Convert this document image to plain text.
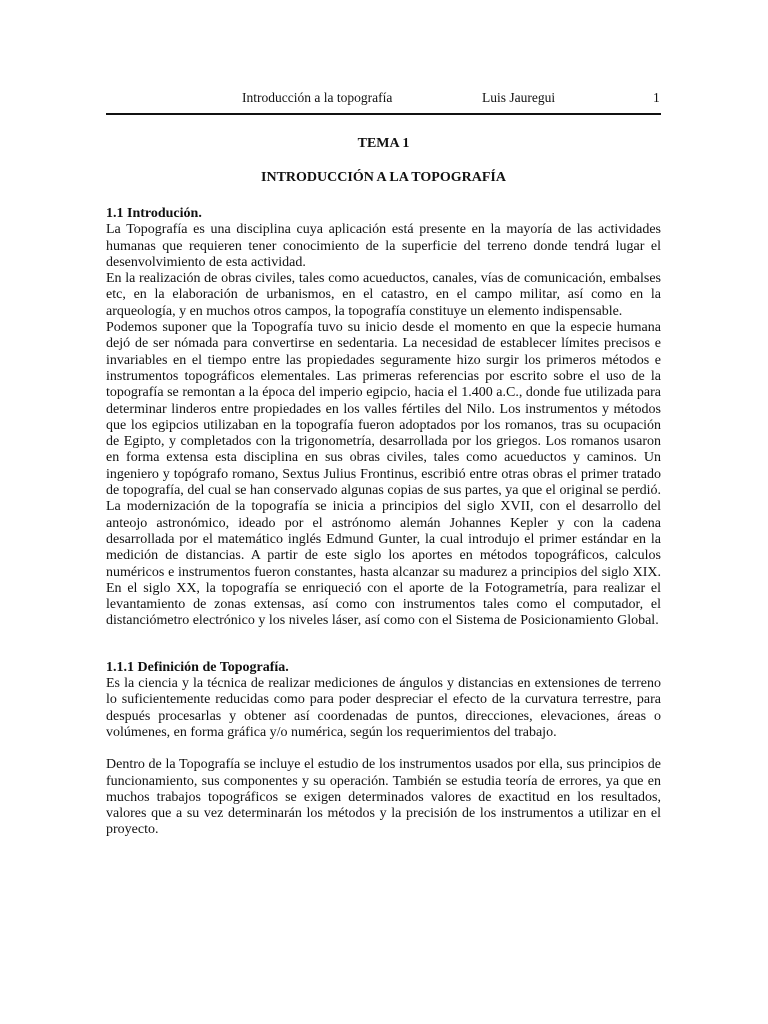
Introducción a la topografía	Luis Jauregui	1
TEMA 1
INTRODUCCIÓN A LA TOPOGRAFÍA
1.1 Introdución.

La Topografía es una disciplina cuya aplicación está presente en la mayoría de las actividades humanas que requieren tener conocimiento de la superficie del terreno donde tendrá lugar el desenvolvimiento de esta actividad.

En la realización de obras civiles, tales como acueductos, canales, vías de comunicación, embalses etc, en la elaboración de urbanismos, en el catastro, en el campo militar, así como en la arqueología, y en muchos otros campos, la topografía constituye un elemento indispensable.

Podemos suponer que la Topografía tuvo su inicio desde el momento en que la especie humana dejó de ser nómada para convertirse en sedentaria. La necesidad de establecer límites precisos e invariables en el tiempo entre las propiedades seguramente hizo surgir los primeros métodos e instrumentos topográficos elementales. Las primeras referencias por escrito sobre el uso de la topografía se remontan a la época del imperio egipcio, hacia el 1.400 a.C., donde fue utilizada para determinar linderos entre propiedades en los valles fértiles del Nilo. Los instrumentos y métodos que los egipcios utilizaban en la topografía fueron adoptados por los romanos, tras su ocupación de Egipto, y completados con la trigonometría, desarrollada por los griegos. Los romanos usaron en forma extensa esta disciplina en sus obras civiles, tales como acueductos y caminos. Un ingeniero y topógrafo romano, Sextus Julius Frontinus, escribió entre otras obras el primer tratado de topografía, del cual se han conservado algunas copias de sus partes, ya que el original se perdió. La modernización de la topografía se inicia a principios del siglo XVII, con el desarrollo del anteojo astronómico, ideado por el astrónomo alemán Johannes Kepler y con la cadena desarrollada por el matemático inglés Edmund Gunter, la cual introdujo el primer estándar en la medición de distancias. A partir de este siglo los aportes en métodos topográficos, calculos numéricos e instrumentos fueron constantes, hasta alcanzar su madurez a principios del siglo XIX. En el siglo XX, la topografía se enriqueció con el aporte de la Fotogrametría, para realizar el levantamiento de zonas extensas, así como con instrumentos tales como el computador, el distanciómetro electrónico y los niveles láser, así como con el Sistema de Posicionamiento Global.

1.1.1 Definición de Topografía.

Es la ciencia y la técnica de realizar mediciones de ángulos y distancias en extensiones de terreno lo suficientemente reducidas como para poder despreciar el efecto de la curvatura terrestre, para después procesarlas y obtener así coordenadas de puntos, direcciones, elevaciones, áreas o volúmenes, en forma gráfica y/o numérica, según los requerimientos del trabajo.

Dentro de la Topografía se incluye el estudio de los instrumentos usados por ella, sus principios de funcionamiento, sus componentes y su operación. También se estudia teoría de errores, ya que en muchos trabajos topográficos se exigen determinados valores de exactitud en los resultados, valores que a su vez determinarán los métodos y la precisión de los instrumentos a utilizar en el proyecto.
